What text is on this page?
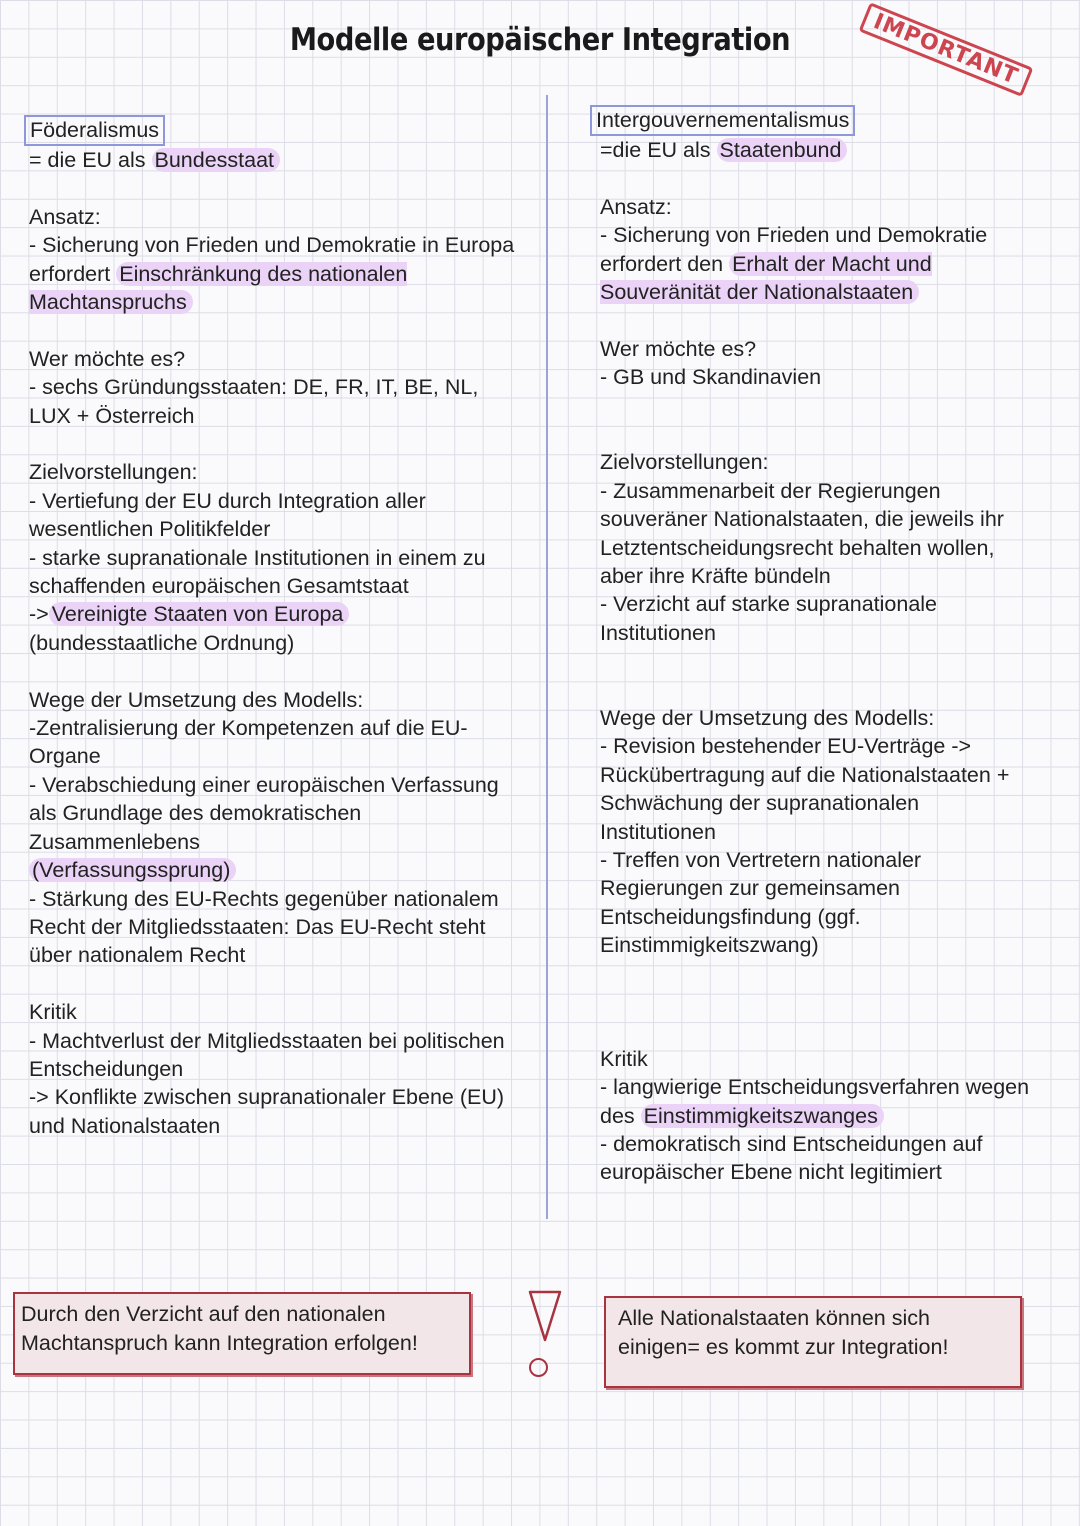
Modelle europäischer Integration	IMPORTANT

Föderalismus

= die EU als Bundesstaat

Ansatz:

- Sicherung von Frieden und Demokratie in Europa erfordert Einschränkung des nationalen Machtanspruchs

Wer möchte es?

- sechs Gründungsstaaten: DE, FR, IT, BE, NL, LUX + Österreich

Zielvorstellungen:

- Vertiefung der EU durch Integration aller wesentlichen Politikfelder

- starke supranationale Institutionen in einem zu schaffenden europäischen Gesamtstaat

-> Vereinigte Staaten von Europa

(bundesstaatliche Ordnung)

Wege der Umsetzung des Modells:

-Zentralisierung der Kompetenzen auf die EU-Organe

- Verabschiedung einer europäischen Verfassung als Grundlage des demokratischen Zusammenlebens

(Verfassungssprung)

- Stärkung des EU-Rechts gegenüber nationalem Recht der Mitgliedsstaaten: Das EU-Recht steht über nationalem Recht

Kritik

- Machtverlust der Mitgliedsstaaten bei politischen Entscheidungen

-> Konflikte zwischen supranationaler Ebene (EU) und Nationalstaaten

Intergouvernementalismus

=die EU als Staatenbund

Ansatz:

- Sicherung von Frieden und Demokratie erfordert den Erhalt der Macht und Souveränität der Nationalstaaten

Wer möchte es?

- GB und Skandinavien

Zielvorstellungen:

- Zusammenarbeit der Regierungen souveräner Nationalstaaten, die jeweils ihr Letztentscheidungsrecht behalten wollen, aber ihre Kräfte bündeln

- Verzicht auf starke supranationale Institutionen

Wege der Umsetzung des Modells:

- Revision bestehender EU-Verträge -> Rückübertragung auf die Nationalstaaten + Schwächung der supranationalen Institutionen

- Treffen von Vertretern nationaler Regierungen zur gemeinsamen Entscheidungsfindung (ggf. Einstimmigkeitszwang)

Kritik

- langwierige Entscheidungsverfahren wegen des Einstimmigkeitszwanges

- demokratisch sind Entscheidungen auf europäischer Ebene nicht legitimiert

Durch den Verzicht auf den nationalen Machtanspruch kann Integration erfolgen!
Alle Nationalstaaten können sich einigen= es kommt zur Integration!
